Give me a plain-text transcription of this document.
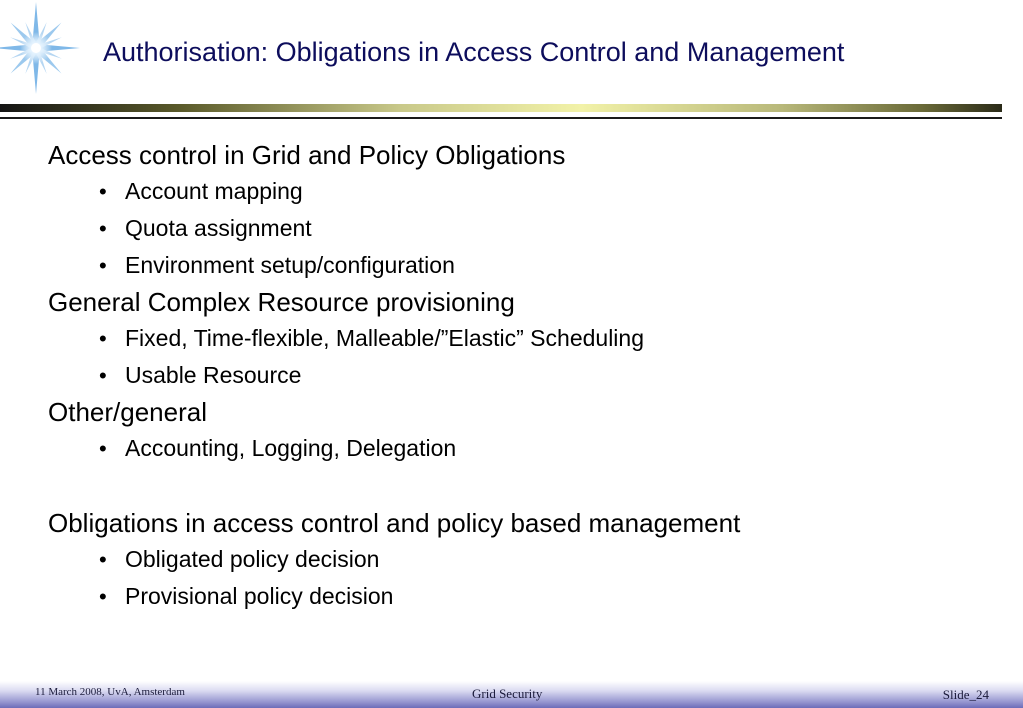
Authorisation: Obligations in Access Control and Management
Access control in Grid and Policy Obligations
• Account mapping
• Quota assignment
• Environment setup/configuration
General Complex Resource provisioning
• Fixed, Time-flexible, Malleable/”Elastic” Scheduling
• Usable Resource
Other/general
• Accounting, Logging, Delegation
Obligations in access control and policy based management
• Obligated policy decision
• Provisional policy decision
11 March 2008, UvA, Amsterdam	Grid Security	Slide_24
